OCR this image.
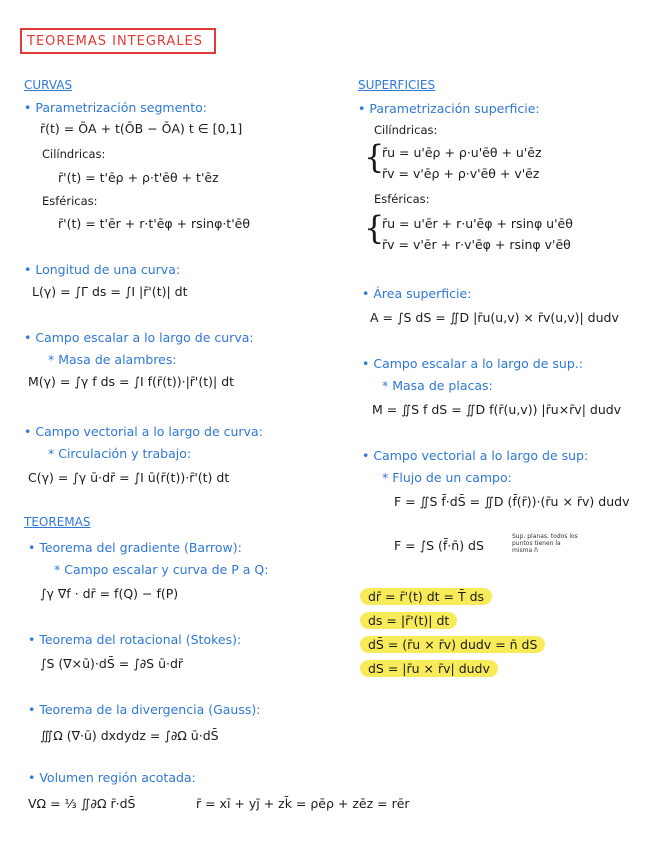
TEOREMAS INTEGRALES
CURVAS
• Parametrización segmento:
r̄(t) = ŌA + t(ŌB − ŌA) t ∈ [0,1]
Cilíndricas:
r̄'(t) = t'ēρ + ρ·t'ēθ + t'ēz
Esféricas:
r̄'(t) = t'ēr + r·t'ēφ + rsinφ·t'ēθ
• Longitud de una curva:
L(γ) = ∫Γ ds = ∫I |r̄'(t)| dt
• Campo escalar a lo largo de curva:
* Masa de alambres:
M(γ) = ∫γ f ds = ∫I f(r̄(t))·|r̄'(t)| dt
• Campo vectorial a lo largo de curva:
* Circulación y trabajo:
C(γ) = ∫γ ū·dr̄ = ∫I ū(r̄(t))·r̄'(t) dt
TEOREMAS
• Teorema del gradiente (Barrow):
* Campo escalar y curva de P a Q:
∫γ ∇f · dr̄ = f(Q) − f(P)
• Teorema del rotacional (Stokes):
∫S (∇×ū)·dS̄ = ∫∂S ū·dr̄
• Teorema de la divergencia (Gauss):
∭Ω (∇·ū) dxdydz = ∫∂Ω ū·dS̄
• Volumen región acotada:
VΩ = ⅓ ∬∂Ω r̄·dS̄	r̄ = xī + yj̄ + zk̄ = ρēρ + zēz = rēr
SUPERFICIES
• Parametrización superficie:
Cilíndricas:
{
r̄u = u'ēρ + ρ·u'ēθ + u'ēz
r̄v = v'ēρ + ρ·v'ēθ + v'ēz
Esféricas:
{
r̄u = u'ēr + r·u'ēφ + rsinφ u'ēθ
r̄v = v'ēr + r·v'ēφ + rsinφ v'ēθ
• Área superficie:
A = ∫S dS = ∬D |r̄u(u,v) × r̄v(u,v)| dudv
• Campo escalar a lo largo de sup.:
* Masa de placas:
M = ∬S f dS = ∬D f(r̄(u,v)) |r̄u×r̄v| dudv
• Campo vectorial a lo largo de sup:
* Flujo de un campo:
F = ∬S f̄·dS̄ = ∬D (f̄(r̄))·(r̄u × r̄v) dudv
F = ∫S (f̄·n̄) dS
Sup. planas, todos los puntos tienen la misma n̄
dr̄ = r̄'(t) dt = T̄ ds
ds = |r̄'(t)| dt
dS̄ = (r̄u × r̄v) dudv = n̄ dS
dS = |r̄u × r̄v| dudv
